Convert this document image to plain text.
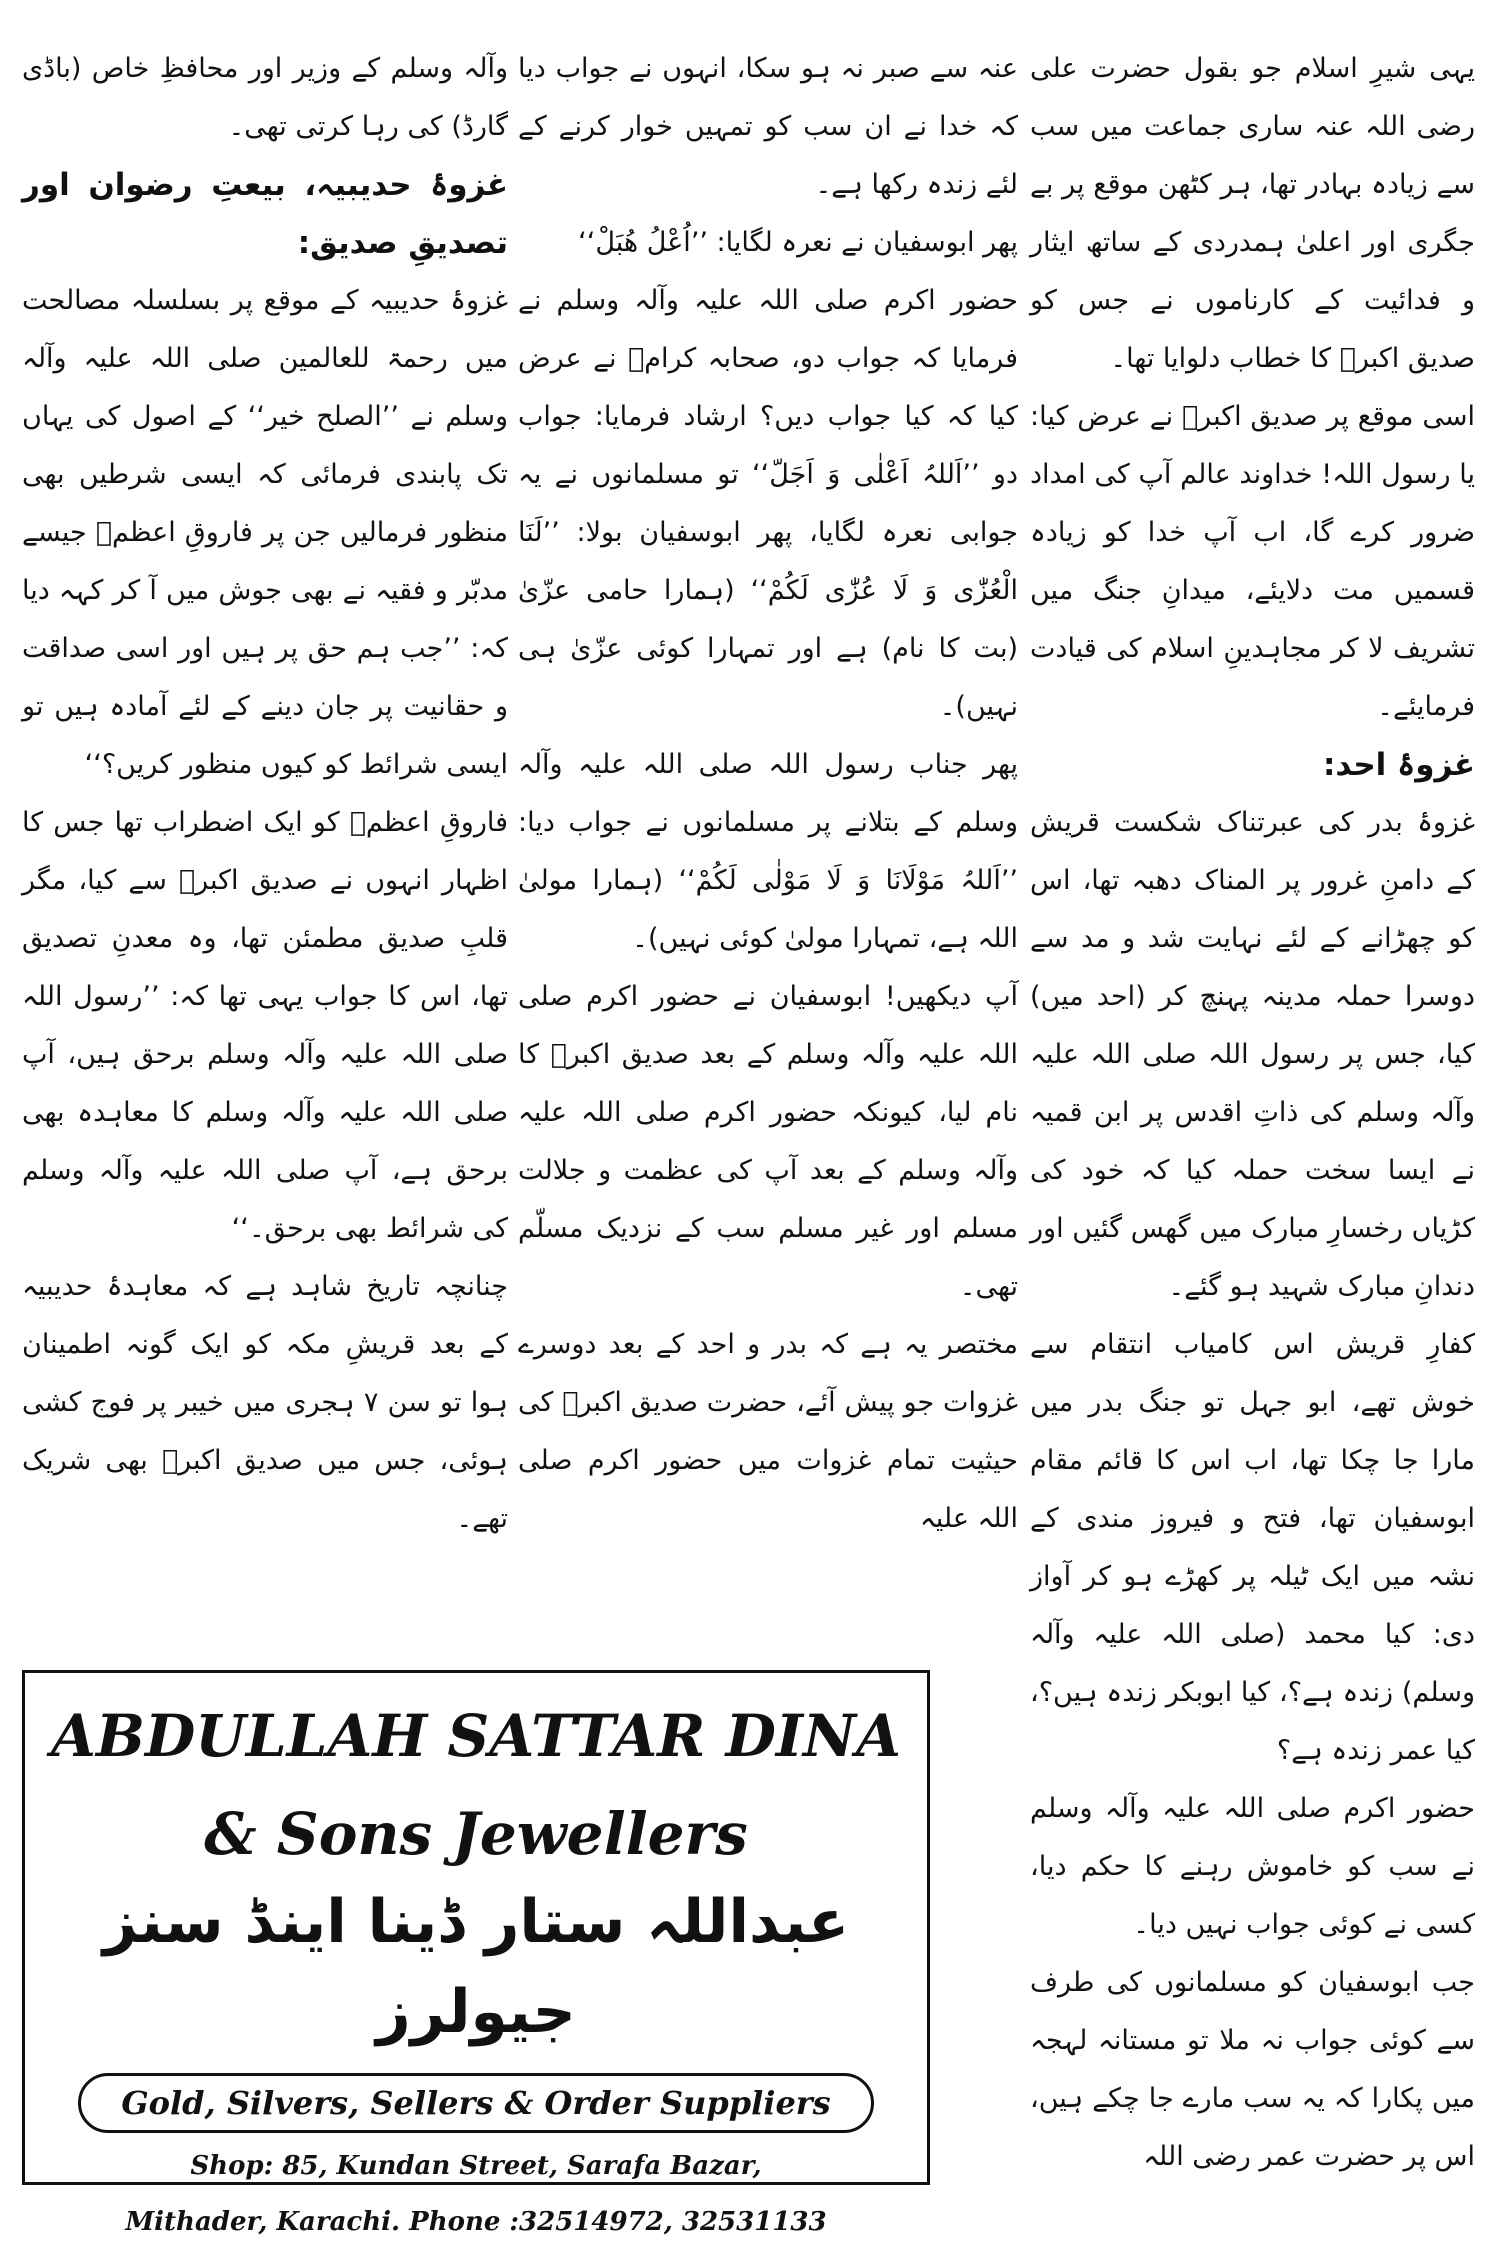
یہی شیرِ اسلام جو بقول حضرت علی رضی اللہ عنہ ساری جماعت میں سب سے زیادہ بہادر تھا، ہر کٹھن موقع پر بے جگری اور اعلیٰ ہمدردی کے ساتھ ایثار و فدائیت کے کارناموں نے جس کو صدیق اکبرؓ کا خطاب دلوایا تھا۔

اسی موقع پر صدیق اکبرؓ نے عرض کیا: یا رسول اللہ! خداوند عالم آپ کی امداد ضرور کرے گا، اب آپ خدا کو زیادہ قسمیں مت دلایئے، میدانِ جنگ میں تشریف لا کر مجاہدینِ اسلام کی قیادت فرمایئے۔

غزوۂ احد:

غزوۂ بدر کی عبرتناک شکست قریش کے دامنِ غرور پر المناک دھبہ تھا، اس کو چھڑانے کے لئے نہایت شد و مد سے دوسرا حملہ مدینہ پہنچ کر (احد میں) کیا، جس پر رسول اللہ صلی اللہ علیہ وآلہ وسلم کی ذاتِ اقدس پر ابن قمیہ نے ایسا سخت حملہ کیا کہ خود کی کڑیاں رخسارِ مبارک میں گھس گئیں اور دندانِ مبارک شہید ہو گئے۔

کفارِ قریش اس کامیاب انتقام سے خوش تھے، ابو جہل تو جنگ بدر میں مارا جا چکا تھا، اب اس کا قائم مقام ابوسفیان تھا، فتح و فیروز مندی کے نشہ میں ایک ٹیلہ پر کھڑے ہو کر آواز دی: کیا محمد (صلی اللہ علیہ وآلہ وسلم) زندہ ہے؟، کیا ابوبکر زندہ ہیں؟، کیا عمر زندہ ہے؟

حضور اکرم صلی اللہ علیہ وآلہ وسلم نے سب کو خاموش رہنے کا حکم دیا، کسی نے کوئی جواب نہیں دیا۔

جب ابوسفیان کو مسلمانوں کی طرف سے کوئی جواب نہ ملا تو مستانہ لہجہ میں پکارا کہ یہ سب مارے جا چکے ہیں، اس پر حضرت عمر رضی اللہ

عنہ سے صبر نہ ہو سکا، انہوں نے جواب دیا کہ خدا نے ان سب کو تمہیں خوار کرنے کے لئے زندہ رکھا ہے۔

پھر ابوسفیان نے نعرہ لگایا: ’’اُعْلُ ھُبَلْ‘‘

حضور اکرم صلی اللہ علیہ وآلہ وسلم نے فرمایا کہ جواب دو، صحابہ کرامؓ نے عرض کیا کہ کیا جواب دیں؟ ارشاد فرمایا: جواب دو ’’اَللہُ اَعْلٰی وَ اَجَلّ‘‘ تو مسلمانوں نے یہ جوابی نعرہ لگایا، پھر ابوسفیان بولا: ’’لَنَا الْعُزّٰی وَ لَا عُزّٰی لَکُمْ‘‘ (ہمارا حامی عزّیٰ (بت کا نام) ہے اور تمہارا کوئی عزّیٰ ہی نہیں)۔

پھر جناب رسول اللہ صلی اللہ علیہ وآلہ وسلم کے بتلانے پر مسلمانوں نے جواب دیا: ’’اَللہُ مَوْلَانَا وَ لَا مَوْلٰی لَکُمْ‘‘ (ہمارا مولیٰ اللہ ہے، تمہارا مولیٰ کوئی نہیں)۔

آپ دیکھیں! ابوسفیان نے حضور اکرم صلی اللہ علیہ وآلہ وسلم کے بعد صدیق اکبرؓ کا نام لیا، کیونکہ حضور اکرم صلی اللہ علیہ وآلہ وسلم کے بعد آپ کی عظمت و جلالت مسلم اور غیر مسلم سب کے نزدیک مسلّم تھی۔

مختصر یہ ہے کہ بدر و احد کے بعد دوسرے غزوات جو پیش آئے، حضرت صدیق اکبرؓ کی حیثیت تمام غزوات میں حضور اکرم صلی اللہ علیہ

وآلہ وسلم کے وزیر اور محافظِ خاص (باڈی گارڈ) کی رہا کرتی تھی۔

غزوۂ حدیبیہ، بیعتِ رضوان اور تصدیقِ صدیق:

غزوۂ حدیبیہ کے موقع پر بسلسلہ مصالحت میں رحمۃ للعالمین صلی اللہ علیہ وآلہ وسلم نے ’’الصلح خیر‘‘ کے اصول کی یہاں تک پابندی فرمائی کہ ایسی شرطیں بھی منظور فرمالیں جن پر فاروقِ اعظمؓ جیسے مدبّر و فقیہ نے بھی جوش میں آ کر کہہ دیا کہ: ’’جب ہم حق پر ہیں اور اسی صداقت و حقانیت پر جان دینے کے لئے آمادہ ہیں تو ایسی شرائط کو کیوں منظور کریں؟‘‘

فاروقِ اعظمؓ کو ایک اضطراب تھا جس کا اظہار انہوں نے صدیق اکبرؓ سے کیا، مگر قلبِ صدیق مطمئن تھا، وہ معدنِ تصدیق تھا، اس کا جواب یہی تھا کہ: ’’رسول اللہ صلی اللہ علیہ وآلہ وسلم برحق ہیں، آپ صلی اللہ علیہ وآلہ وسلم کا معاہدہ بھی برحق ہے، آپ صلی اللہ علیہ وآلہ وسلم کی شرائط بھی برحق۔‘‘

چنانچہ تاریخ شاہد ہے کہ معاہدۂ حدیبیہ کے بعد قریشِ مکہ کو ایک گونہ اطمینان ہوا تو سن ۷ ہجری میں خیبر پر فوج کشی ہوئی، جس میں صدیق اکبرؓ بھی شریک تھے۔

ABDULLAH SATTAR DINA
& Sons Jewellers
عبداللہ ستار ڈینا اینڈ سنز جیولرز
Gold, Silvers, Sellers & Order Suppliers
Shop: 85, Kundan Street, Sarafa Bazar,
Mithader, Karachi. Phone :32514972, 32531133
